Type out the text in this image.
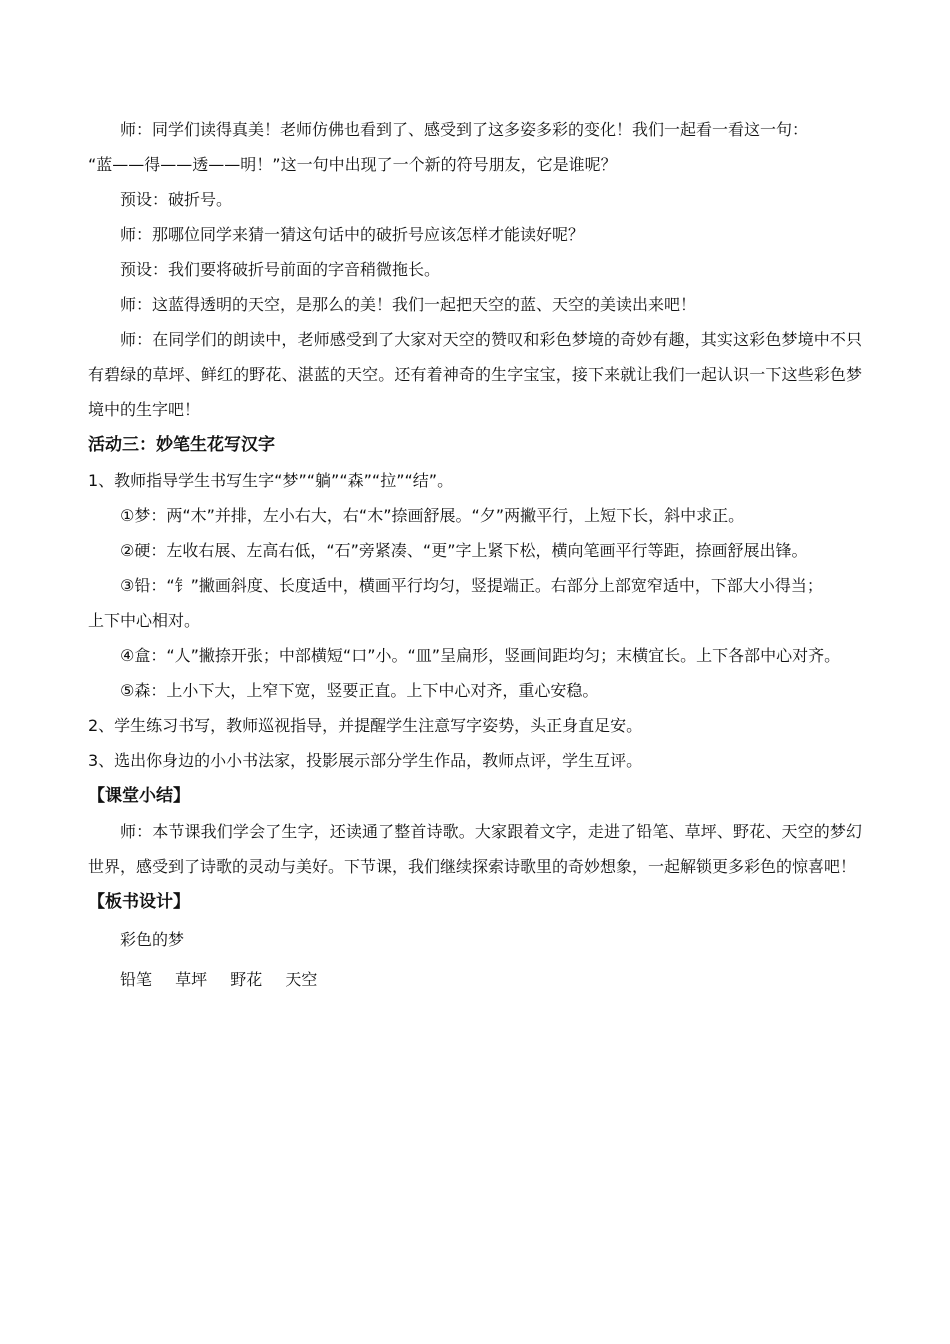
师：同学们读得真美！老师仿佛也看到了、感受到了这多姿多彩的变化！我们一起看一看这一句：

“蓝——得——透——明！”这一句中出现了一个新的符号朋友，它是谁呢？

预设：破折号。

师：那哪位同学来猜一猜这句话中的破折号应该怎样才能读好呢？

预设：我们要将破折号前面的字音稍微拖长。

师：这蓝得透明的天空，是那么的美！我们一起把天空的蓝、天空的美读出来吧！

师：在同学们的朗读中，老师感受到了大家对天空的赞叹和彩色梦境的奇妙有趣，其实这彩色梦境中不只有碧绿的草坪、鲜红的野花、湛蓝的天空。还有着神奇的生字宝宝，接下来就让我们一起认识一下这些彩色梦境中的生字吧！

活动三：妙笔生花写汉字

1、教师指导学生书写生字“梦”“躺”“森”“拉”“结”。

①梦：两“木”并排，左小右大，右“木”捺画舒展。“夕”两撇平行，上短下长，斜中求正。

②硬：左收右展、左高右低，“石”旁紧凑、“更”字上紧下松，横向笔画平行等距，捺画舒展出锋。

③铅：“钅”撇画斜度、长度适中，横画平行均匀，竖提端正。右部分上部宽窄适中，下部大小得当；

上下中心相对。

④盒：“人”撇捺开张；中部横短“口”小。“皿”呈扁形，竖画间距均匀；末横宜长。上下各部中心对齐。

⑤森：上小下大，上窄下宽，竖要正直。上下中心对齐，重心安稳。

2、学生练习书写，教师巡视指导，并提醒学生注意写字姿势，头正身直足安。

3、选出你身边的小小书法家，投影展示部分学生作品，教师点评，学生互评。

【课堂小结】

师：本节课我们学会了生字，还读通了整首诗歌。大家跟着文字，走进了铅笔、草坪、野花、天空的梦幻世界，感受到了诗歌的灵动与美好。下节课，我们继续探索诗歌里的奇妙想象，一起解锁更多彩色的惊喜吧！

【板书设计】

彩色的梦

铅笔 草坪 野花 天空
